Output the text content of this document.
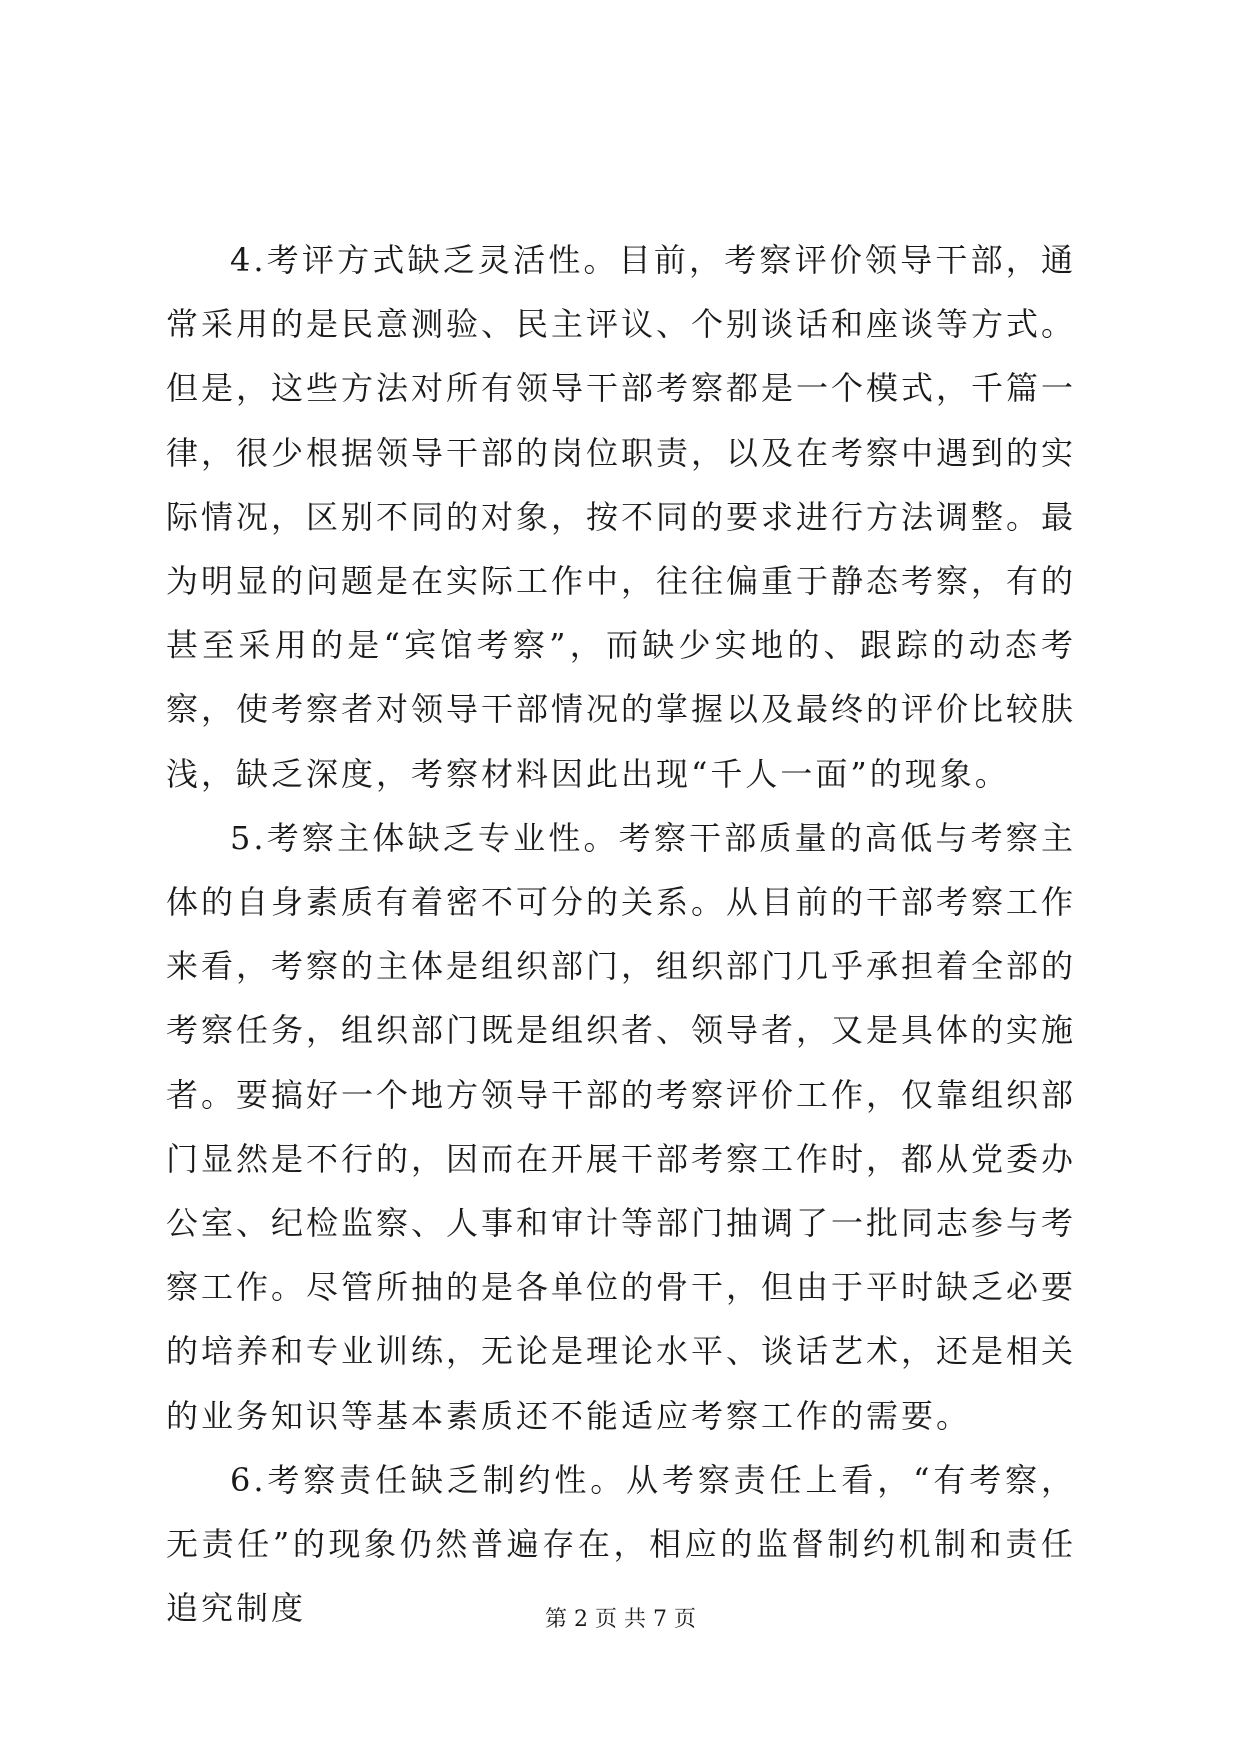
4.考评方式缺乏灵活性。目前，考察评价领导干部，通常采用的是民意测验、民主评议、个别谈话和座谈等方式。但是，这些方法对所有领导干部考察都是一个模式，千篇一律，很少根据领导干部的岗位职责，以及在考察中遇到的实际情况，区别不同的对象，按不同的要求进行方法调整。最为明显的问题是在实际工作中，往往偏重于静态考察，有的甚至采用的是“宾馆考察”，而缺少实地的、跟踪的动态考察，使考察者对领导干部情况的掌握以及最终的评价比较肤浅，缺乏深度，考察材料因此出现“千人一面”的现象。

5.考察主体缺乏专业性。考察干部质量的高低与考察主体的自身素质有着密不可分的关系。从目前的干部考察工作来看，考察的主体是组织部门，组织部门几乎承担着全部的考察任务，组织部门既是组织者、领导者，又是具体的实施者。要搞好一个地方领导干部的考察评价工作，仅靠组织部门显然是不行的，因而在开展干部考察工作时，都从党委办公室、纪检监察、人事和审计等部门抽调了一批同志参与考察工作。尽管所抽的是各单位的骨干，但由于平时缺乏必要的培养和专业训练，无论是理论水平、谈话艺术，还是相关的业务知识等基本素质还不能适应考察工作的需要。

6.考察责任缺乏制约性。从考察责任上看，“有考察，无责任”的现象仍然普遍存在，相应的监督制约机制和责任追究制度	第 2 页 共 7 页
